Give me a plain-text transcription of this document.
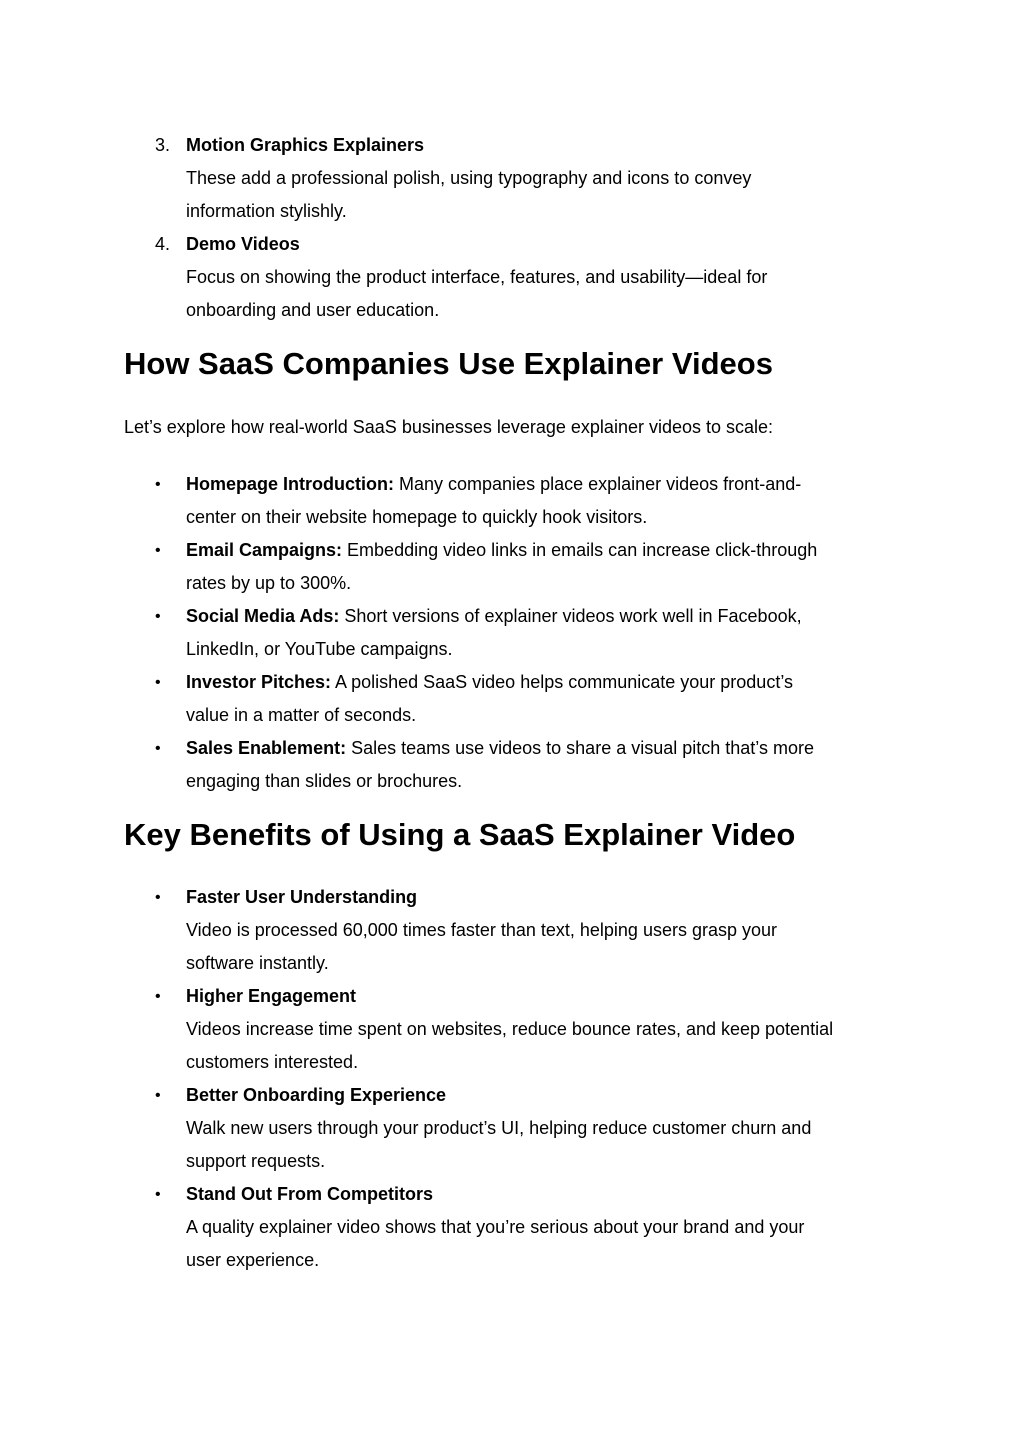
3. Motion Graphics Explainers
These add a professional polish, using typography and icons to convey
information stylishly.
4. Demo Videos
Focus on showing the product interface, features, and usability—ideal for
onboarding and user education.
How SaaS Companies Use Explainer Videos

Let’s explore how real-world SaaS businesses leverage explainer videos to scale:

•	Homepage Introduction: Many companies place explainer videos front-and-
center on their website homepage to quickly hook visitors.
•	Email Campaigns: Embedding video links in emails can increase click-through
rates by up to 300%.
•	Social Media Ads: Short versions of explainer videos work well in Facebook,
LinkedIn, or YouTube campaigns.
•	Investor Pitches: A polished SaaS video helps communicate your product’s
value in a matter of seconds.
•	Sales Enablement: Sales teams use videos to share a visual pitch that’s more
engaging than slides or brochures.
Key Benefits of Using a SaaS Explainer Video
•	Faster User Understanding
Video is processed 60,000 times faster than text, helping users grasp your
software instantly.
•	Higher Engagement
Videos increase time spent on websites, reduce bounce rates, and keep potential
customers interested.
•	Better Onboarding Experience
Walk new users through your product’s UI, helping reduce customer churn and
support requests.
•	Stand Out From Competitors
A quality explainer video shows that you’re serious about your brand and your
user experience.
